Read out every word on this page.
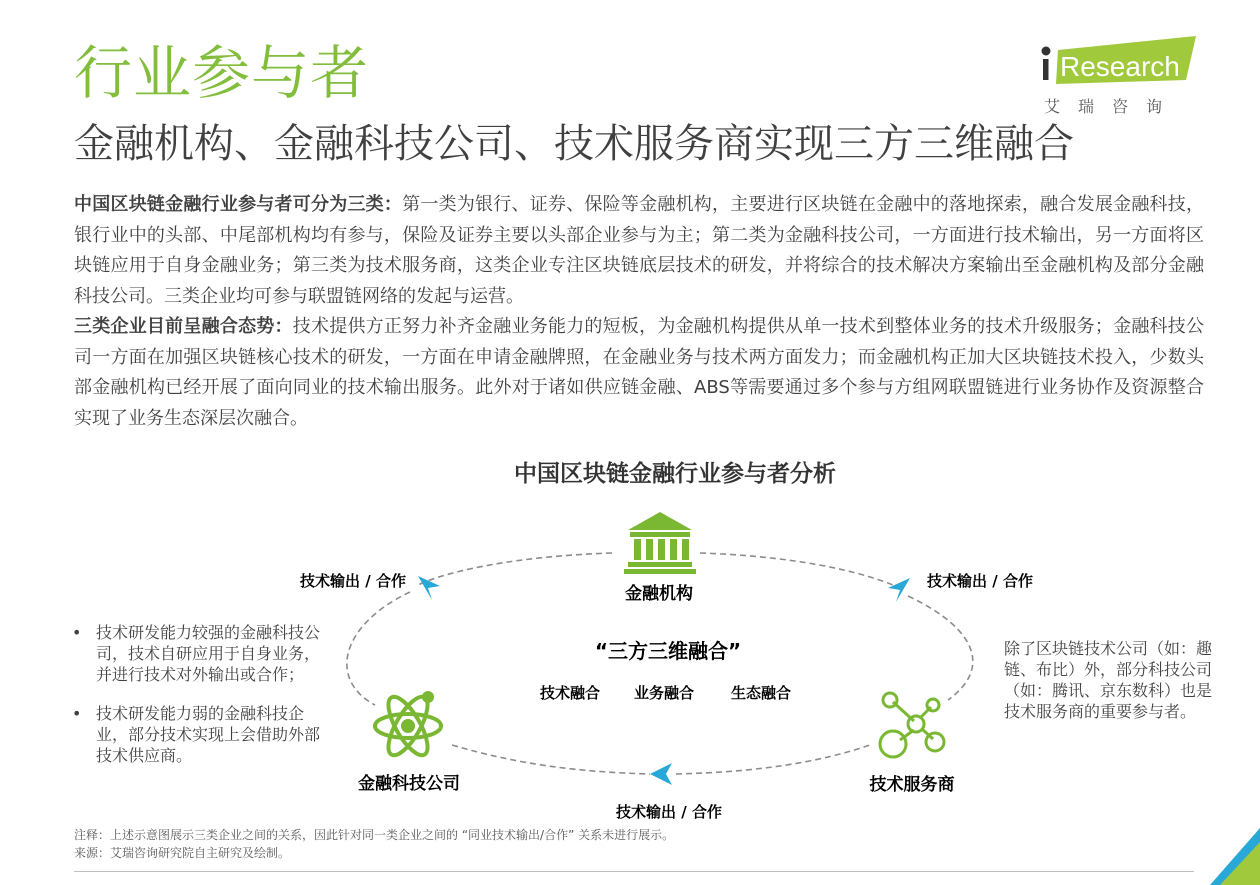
行业参与者
金融机构、金融科技公司、技术服务商实现三方三维融合
Research
艾瑞咨询
中国区块链金融行业参与者可分为三类：第一类为银行、证券、保险等金融机构，主要进行区块链在金融中的落地探索，融合发展金融科技，银行业中的头部、中尾部机构均有参与，保险及证券主要以头部企业参与为主；第二类为金融科技公司，一方面进行技术输出，另一方面将区块链应用于自身金融业务；第三类为技术服务商，这类企业专注区块链底层技术的研发，并将综合的技术解决方案输出至金融机构及部分金融科技公司。三类企业均可参与联盟链网络的发起与运营。
三类企业目前呈融合态势：技术提供方正努力补齐金融业务能力的短板，为金融机构提供从单一技术到整体业务的技术升级服务；金融科技公司一方面在加强区块链核心技术的研发，一方面在申请金融牌照，在金融业务与技术两方面发力；而金融机构正加大区块链技术投入，少数头部金融机构已经开展了面向同业的技术输出服务。此外对于诸如供应链金融、ABS等需要通过多个参与方组网联盟链进行业务协作及资源整合实现了业务生态深层次融合。
中国区块链金融行业参与者分析
金融机构
金融科技公司	技术服务商
技术输出 / 合作	技术输出 / 合作
技术输出 / 合作
“三方三维融合”
技术融合 业务融合 生态融合
• 技术研发能力较强的金融科技公司，技术自研应用于自身业务，并进行技术对外输出或合作；
• 技术研发能力弱的金融科技企业，部分技术实现上会借助外部技术供应商。
除了区块链技术公司（如：趣链、布比）外，部分科技公司（如：腾讯、京东数科）也是技术服务商的重要参与者。
注释：上述示意图展示三类企业之间的关系，因此针对同一类企业之间的 “同业技术输出/合作” 关系未进行展示。
来源：艾瑞咨询研究院自主研究及绘制。
